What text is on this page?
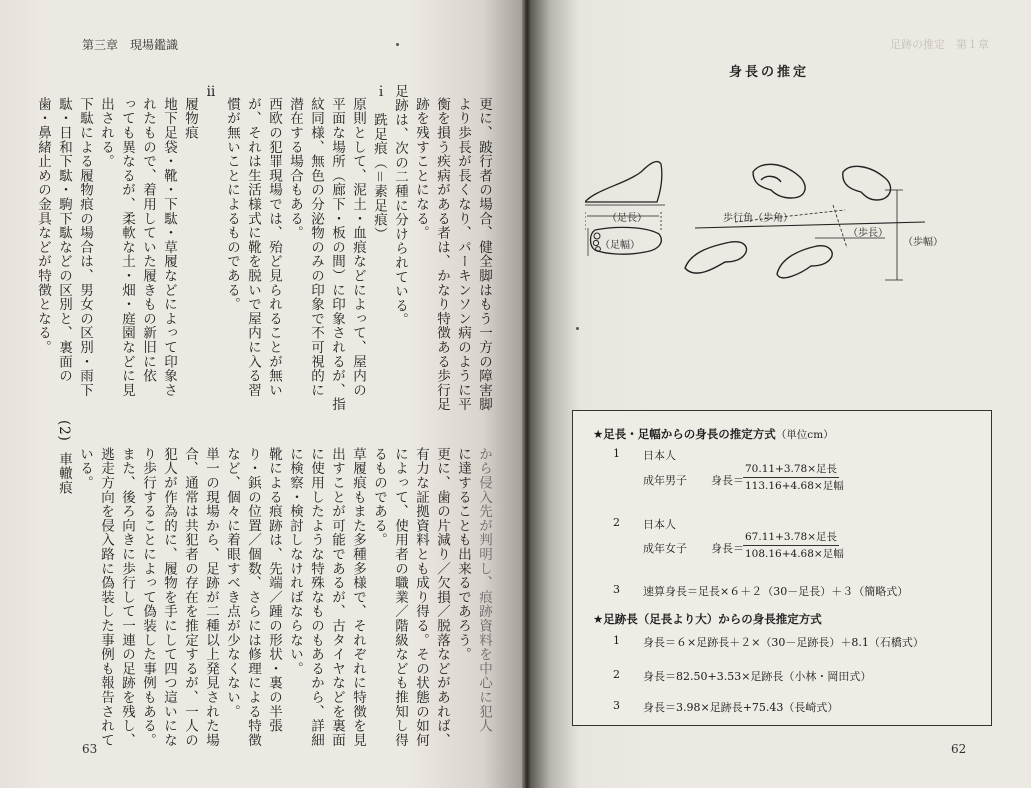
第三章　現場鑑識
更に、跛行者の場合、健全脚はもう一方の障害脚
より歩長が長くなり、パーキンソン病のように平
衡を損う疾病がある者は、かなり特徴ある歩行足
跡を残すことになる。
足跡は、次の二種に分けられている。
ｉ　跣足痕（＝素足痕）
原則として、泥土・血痕などによって、屋内の
平面な場所（廊下・板の間）に印象されるが、指
紋同様、無色の分泌物のみの印象で不可視的に
潜在する場合もある。
西欧の犯罪現場では、殆ど見られることが無い
が、それは生活様式に靴を脱いで屋内に入る習
慣が無いことによるものである。
ⅱ
履物痕
地下足袋・靴・下駄・草履などによって印象さ
れたもので、着用していた履きもの新旧に依
っても異なるが、柔軟な土・畑・庭園などに見
出される。
下駄による履物痕の場合は、男女の区別・雨下
駄・日和下駄・駒下駄などの区別と、裏面の
歯・鼻緒止めの金具などが特徴となる。
から侵入先が判明し、痕跡資料を中心に犯人
に達することも出来るであろう。
更に、歯の片減り／欠損／脱落などがあれば、
有力な証拠資料とも成り得る。その状態の如何
によって、使用者の職業／階級なども推知し得
るものである。
草履痕もまた多種多様で、それぞれに特徴を見
出すことが可能であるが、古タイヤなどを裏面
に使用したような特殊なものもあるから、詳細
に検察・検討しなければならない。
靴による痕跡は、先端／踵の形状・裏の半張
り・鋲の位置／個数、さらには修理による特徴
など、個々に着眼すべき点が少なくない。
単一の現場から、足跡が二種以上発見された場
合、通常は共犯者の存在を推定するが、一人の
犯人が作為的に、履物を手にして四つ這いにな
り歩行することによって偽装した事例もある。
また、後ろ向きに歩行して一連の足跡を残し、
逃走方向を侵入路に偽装した事例も報告されて
いる。
(2)
車轍痕
63
足跡の推定　第１章
身長の推定
（足長）
（足幅）
歩行角（歩角）
（歩長）
（歩幅）
★足長・足幅からの身長の推定方式（単位cm）
1 日本人
成年男子 身長＝
70.11+3.78×足長
113.16+4.68×足幅
2 日本人
成年女子 身長＝
67.11+3.78×足長
108.16+4.68×足幅
3 速算身長＝足長×６＋２（30－足長）＋３（簡略式）
★足跡長（足長より大）からの身長推定方式
1 身長＝６×足跡長＋２×（30－足跡長）＋8.1（石橋式）
2 身長＝82.50+3.53×足跡長（小林・岡田式）
3 身長＝3.98×足跡長+75.43（長崎式）
62
